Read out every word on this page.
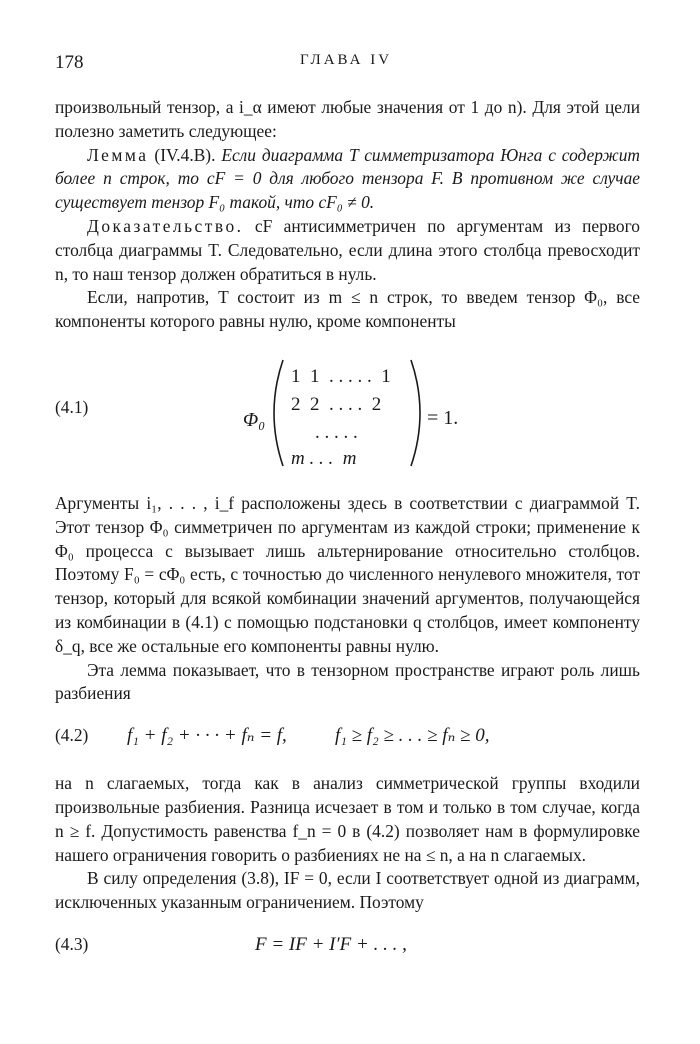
178	ГЛАВА IV

произвольный тензор, а i_α имеют любые значения от 1 до n). Для этой цели полезно заметить следующее:

Лемма (IV.4.B). Если диаграмма T симметризатора Юнга с содержит более n строк, то cF = 0 для любого тензора F. В противном же случае существует тензор F₀ такой, что cF₀ ≠ 0.

Доказательство. cF антисимметричен по аргументам из первого столбца диаграммы T. Следовательно, если длина этого столбца превосходит n, то наш тензор должен обратиться в нуль.

Если, напротив, T состоит из m ≤ n строк, то введем тензор Φ₀, все компоненты которого равны нулю, кроме компоненты

(4.1)
Φ₀
1  1  . . . . .  1
2  2  . . . .  2
. . . . .
m . . .  m
= 1.

Аргументы i₁, . . . , i_f расположены здесь в соответствии с диаграммой T. Этот тензор Φ₀ симметричен по аргументам из каждой строки; применение к Φ₀ процесса c вызывает лишь альтернирование относительно столбцов. Поэтому F₀ = cΦ₀ есть, с точностью до численного ненулевого множителя, тот тензор, который для всякой комбинации значений аргументов, получающейся из комбинации в (4.1) с помощью подстановки q столбцов, имеет компоненту δ_q, все же остальные его компоненты равны нулю.

Эта лемма показывает, что в тензорном пространстве играют роль лишь разбиения

(4.2) f₁ + f₂ + · · · + fₙ = f,	f₁ ≥ f₂ ≥ . . . ≥ fₙ ≥ 0,

на n слагаемых, тогда как в анализ симметрической группы входили произвольные разбиения. Разница исчезает в том и только в том случае, когда n ≥ f. Допустимость равенства f_n = 0 в (4.2) позволяет нам в формулировке нашего ограничения говорить о разбиениях не на ≤ n, а на n слагаемых.

В силу определения (3.8), IF = 0, если I соответствует одной из диаграмм, исключенных указанным ограничением. Поэтому

(4.3)	F = IF + I′F + . . . ,
